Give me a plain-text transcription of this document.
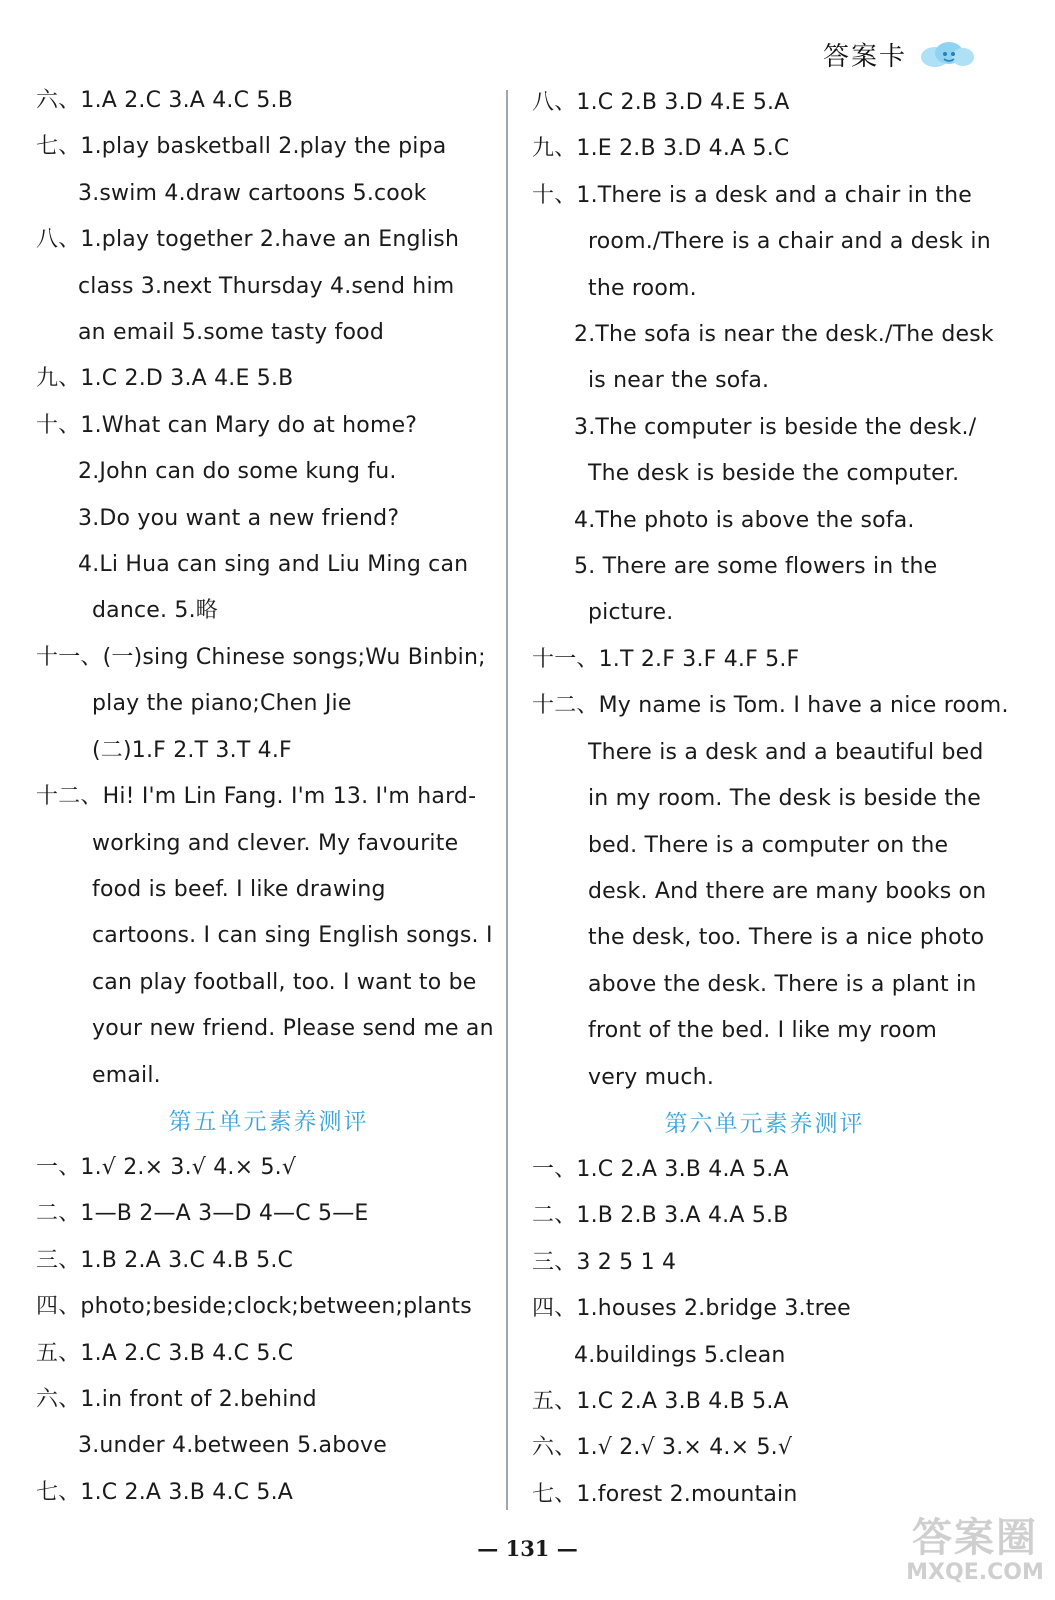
答案卡
六、1.A 2.C 3.A 4.C 5.B
七、1.play basketball 2.play the pipa
3.swim 4.draw cartoons 5.cook
八、1.play together 2.have an English
class 3.next Thursday 4.send him
an email 5.some tasty food
九、1.C 2.D 3.A 4.E 5.B
十、1.What can Mary do at home?
2.John can do some kung fu.
3.Do you want a new friend?
4.Li Hua can sing and Liu Ming can
dance. 5.略
十一、(一)sing Chinese songs;Wu Binbin;
play the piano;Chen Jie
(二)1.F 2.T 3.T 4.F
十二、Hi! I'm Lin Fang. I'm 13. I'm hard-
working and clever. My favourite
food is beef. I like drawing
cartoons. I can sing English songs. I
can play football, too. I want to be
your new friend. Please send me an
email.
第五单元素养测评
一、1.√ 2.× 3.√ 4.× 5.√
二、1—B 2—A 3—D 4—C 5—E
三、1.B 2.A 3.C 4.B 5.C
四、photo;beside;clock;between;plants
五、1.A 2.C 3.B 4.C 5.C
六、1.in front of 2.behind
3.under 4.between 5.above
七、1.C 2.A 3.B 4.C 5.A
八、1.C 2.B 3.D 4.E 5.A
九、1.E 2.B 3.D 4.A 5.C
十、1.There is a desk and a chair in the
room./There is a chair and a desk in
the room.
2.The sofa is near the desk./The desk
is near the sofa.
3.The computer is beside the desk./
The desk is beside the computer.
4.The photo is above the sofa.
5. There are some flowers in the
picture.
十一、1.T 2.F 3.F 4.F 5.F
十二、My name is Tom. I have a nice room.
There is a desk and a beautiful bed
in my room. The desk is beside the
bed. There is a computer on the
desk. And there are many books on
the desk, too. There is a nice photo
above the desk. There is a plant in
front of the bed. I like my room
very much.
第六单元素养测评
一、1.C 2.A 3.B 4.A 5.A
二、1.B 2.B 3.A 4.A 5.B
三、3 2 5 1 4
四、1.houses 2.bridge 3.tree
4.buildings 5.clean
五、1.C 2.A 3.B 4.B 5.A
六、1.√ 2.√ 3.× 4.× 5.√
七、1.forest 2.mountain
— 131 —	答案圈
MXQE.COM
